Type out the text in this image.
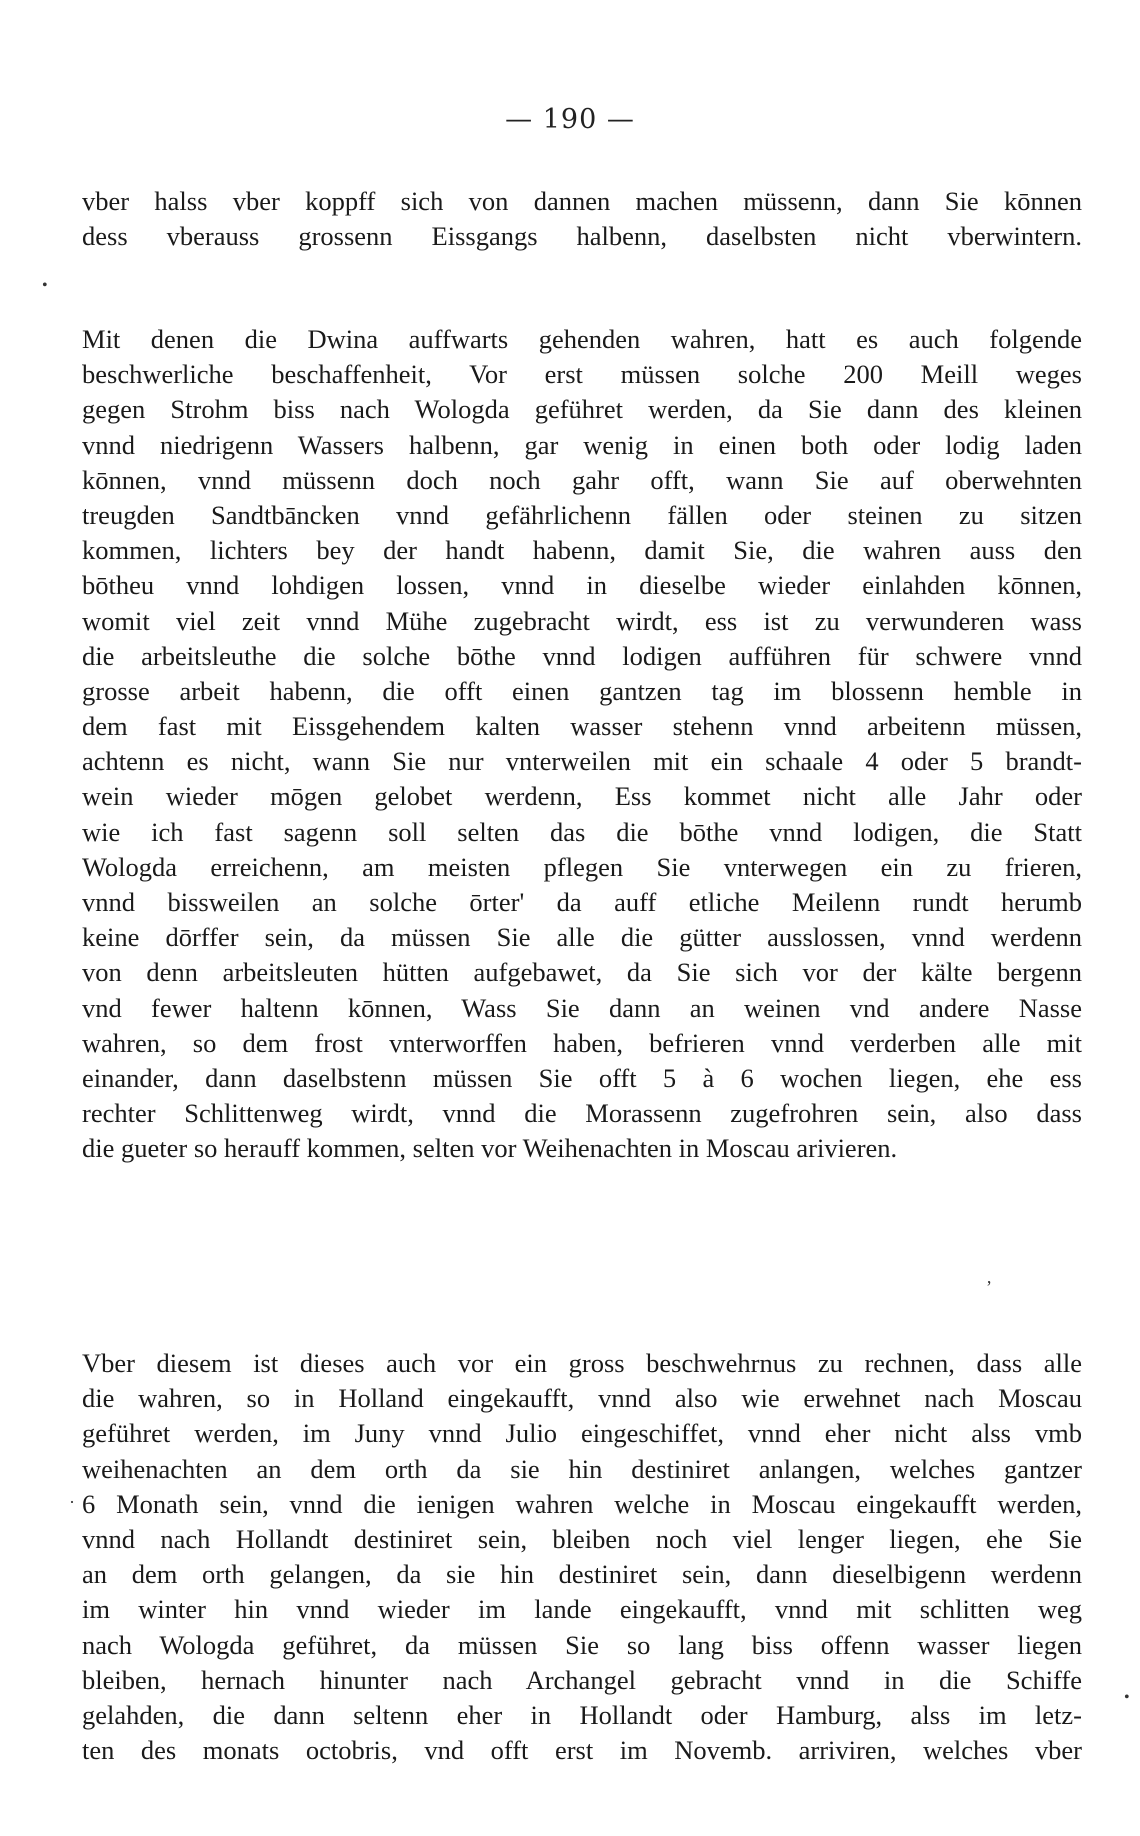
— 190 —
vber halss vber koppff sich von dannen machen müssenn, dann Sie kōnnen
dess vberauss grossenn Eissgangs halbenn, daselbsten nicht vberwintern.
Mit denen die Dwina auffwarts gehenden wahren, hatt es auch folgende
beschwerliche beschaffenheit, Vor erst müssen solche 200 Meill weges
gegen Strohm biss nach Wologda geführet werden, da Sie dann des kleinen
vnnd niedrigenn Wassers halbenn, gar wenig in einen both oder lodig laden
kōnnen, vnnd müssenn doch noch gahr offt, wann Sie auf oberwehnten
treugden Sandtbāncken vnnd gefährlichenn fällen oder steinen zu sitzen
kommen, lichters bey der handt habenn, damit Sie, die wahren auss den
bōtheu vnnd lohdigen lossen, vnnd in dieselbe wieder einlahden kōnnen,
womit viel zeit vnnd Mühe zugebracht wirdt, ess ist zu verwunderen wass
die arbeitsleuthe die solche bōthe vnnd lodigen aufführen für schwere vnnd
grosse arbeit habenn, die offt einen gantzen tag im blossenn hemble in
dem fast mit Eissgehendem kalten wasser stehenn vnnd arbeitenn müssen,
achtenn es nicht, wann Sie nur vnterweilen mit ein schaale 4 oder 5 brandt-
wein wieder mōgen gelobet werdenn, Ess kommet nicht alle Jahr oder
wie ich fast sagenn soll selten das die bōthe vnnd lodigen, die Statt
Wologda erreichenn, am meisten pflegen Sie vnterwegen ein zu frieren,
vnnd bissweilen an solche ōrter' da auff etliche Meilenn rundt herumb
keine dōrffer sein, da müssen Sie alle die gütter ausslossen, vnnd werdenn
von denn arbeitsleuten hütten aufgebawet, da Sie sich vor der kälte bergenn
vnd fewer haltenn kōnnen, Wass Sie dann an weinen vnd andere Nasse
wahren, so dem frost vnterworffen haben, befrieren vnnd verderben alle mit
einander, dann daselbstenn müssen Sie offt 5 à 6 wochen liegen, ehe ess
rechter Schlittenweg wirdt, vnnd die Morassenn zugefrohren sein, also dass
die gueter so herauff kommen, selten vor Weihenachten in Moscau arivieren.
Vber diesem ist dieses auch vor ein gross beschwehrnus zu rechnen, dass alle
die wahren, so in Holland eingekaufft, vnnd also wie erwehnet nach Moscau
geführet werden, im Juny vnnd Julio eingeschiffet, vnnd eher nicht alss vmb
weihenachten an dem orth da sie hin destiniret anlangen, welches gantzer
6 Monath sein, vnnd die ienigen wahren welche in Moscau eingekaufft werden,
vnnd nach Hollandt destiniret sein, bleiben noch viel lenger liegen, ehe Sie
an dem orth gelangen, da sie hin destiniret sein, dann dieselbigenn werdenn
im winter hin vnnd wieder im lande eingekaufft, vnnd mit schlitten weg
nach Wologda geführet, da müssen Sie so lang biss offenn wasser liegen
bleiben, hernach hinunter nach Archangel gebracht vnnd in die Schiffe
gelahden, die dann seltenn eher in Hollandt oder Hamburg, alss im letz-
ten des monats octobris, vnd offt erst im Novemb. arriviren, welches vber
•
ʼ
·
•
